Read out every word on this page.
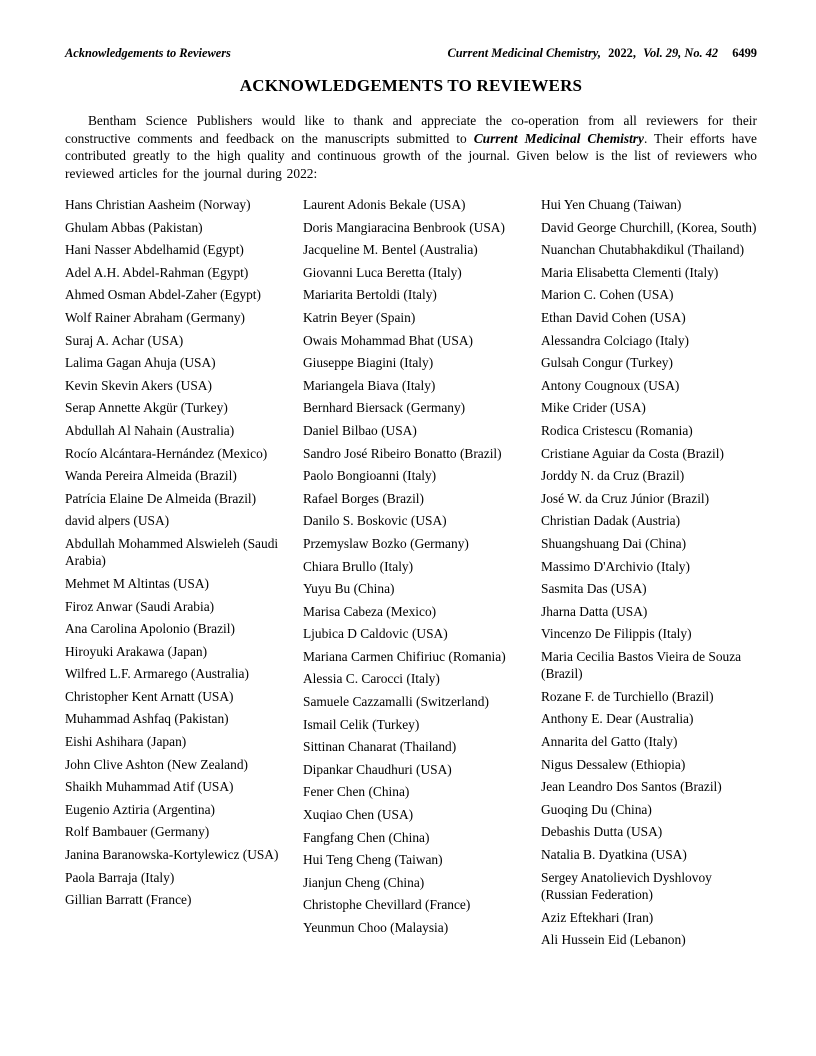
Acknowledgements to Reviewers	Current Medicinal Chemistry, 2022, Vol. 29, No. 42 6499
ACKNOWLEDGEMENTS TO REVIEWERS

Bentham Science Publishers would like to thank and appreciate the co-operation from all reviewers for their constructive comments and feedback on the manuscripts submitted to Current Medicinal Chemistry. Their efforts have contributed greatly to the high quality and continuous growth of the journal. Given below is the list of reviewers who reviewed articles for the journal during 2022:

Hans Christian Aasheim (Norway)

Ghulam Abbas (Pakistan)

Hani Nasser Abdelhamid (Egypt)

Adel A.H. Abdel-Rahman (Egypt)

Ahmed Osman Abdel-Zaher (Egypt)

Wolf Rainer Abraham (Germany)

Suraj A. Achar (USA)

Lalima Gagan Ahuja (USA)

Kevin Skevin Akers (USA)

Serap Annette Akgür (Turkey)

Abdullah Al Nahain (Australia)

Rocío Alcántara-Hernández (Mexico)

Wanda Pereira Almeida (Brazil)

Patrícia Elaine De Almeida (Brazil)

david alpers (USA)

Abdullah Mohammed Alswieleh (Saudi Arabia)

Mehmet M Altintas (USA)

Firoz Anwar (Saudi Arabia)

Ana Carolina Apolonio (Brazil)

Hiroyuki Arakawa (Japan)

Wilfred L.F. Armarego (Australia)

Christopher Kent Arnatt (USA)

Muhammad Ashfaq (Pakistan)

Eishi Ashihara (Japan)

John Clive Ashton (New Zealand)

Shaikh Muhammad Atif (USA)

Eugenio Aztiria (Argentina)

Rolf Bambauer (Germany)

Janina Baranowska-Kortylewicz (USA)

Paola Barraja (Italy)

Gillian Barratt (France)

Laurent Adonis Bekale (USA)

Doris Mangiaracina Benbrook (USA)

Jacqueline M. Bentel (Australia)

Giovanni Luca Beretta (Italy)

Mariarita Bertoldi (Italy)

Katrin Beyer (Spain)

Owais Mohammad Bhat (USA)

Giuseppe Biagini (Italy)

Mariangela Biava (Italy)

Bernhard Biersack (Germany)

Daniel Bilbao (USA)

Sandro José Ribeiro Bonatto (Brazil)

Paolo Bongioanni (Italy)

Rafael Borges (Brazil)

Danilo S. Boskovic (USA)

Przemyslaw Bozko (Germany)

Chiara Brullo (Italy)

Yuyu Bu (China)

Marisa Cabeza (Mexico)

Ljubica D Caldovic (USA)

Mariana Carmen Chifiriuc (Romania)

Alessia C. Carocci (Italy)

Samuele Cazzamalli (Switzerland)

Ismail Celik (Turkey)

Sittinan Chanarat (Thailand)

Dipankar Chaudhuri (USA)

Fener Chen (China)

Xuqiao Chen (USA)

Fangfang Chen (China)

Hui Teng Cheng (Taiwan)

Jianjun Cheng (China)

Christophe Chevillard (France)

Yeunmun Choo (Malaysia)

Hui Yen Chuang (Taiwan)

David George Churchill, (Korea, South)

Nuanchan Chutabhakdikul (Thailand)

Maria Elisabetta Clementi (Italy)

Marion C. Cohen (USA)

Ethan David Cohen (USA)

Alessandra Colciago (Italy)

Gulsah Congur (Turkey)

Antony Cougnoux (USA)

Mike Crider (USA)

Rodica Cristescu (Romania)

Cristiane Aguiar da Costa (Brazil)

Jorddy N. da Cruz (Brazil)

José W. da Cruz Júnior (Brazil)

Christian Dadak (Austria)

Shuangshuang Dai (China)

Massimo D'Archivio (Italy)

Sasmita Das (USA)

Jharna Datta (USA)

Vincenzo De Filippis (Italy)

Maria Cecilia Bastos Vieira de Souza (Brazil)

Rozane F. de Turchiello (Brazil)

Anthony E. Dear (Australia)

Annarita del Gatto (Italy)

Nigus Dessalew (Ethiopia)

Jean Leandro Dos Santos (Brazil)

Guoqing Du (China)

Debashis Dutta (USA)

Natalia B. Dyatkina (USA)

Sergey Anatolievich Dyshlovoy (Russian Federation)

Aziz Eftekhari (Iran)

Ali Hussein Eid (Lebanon)
